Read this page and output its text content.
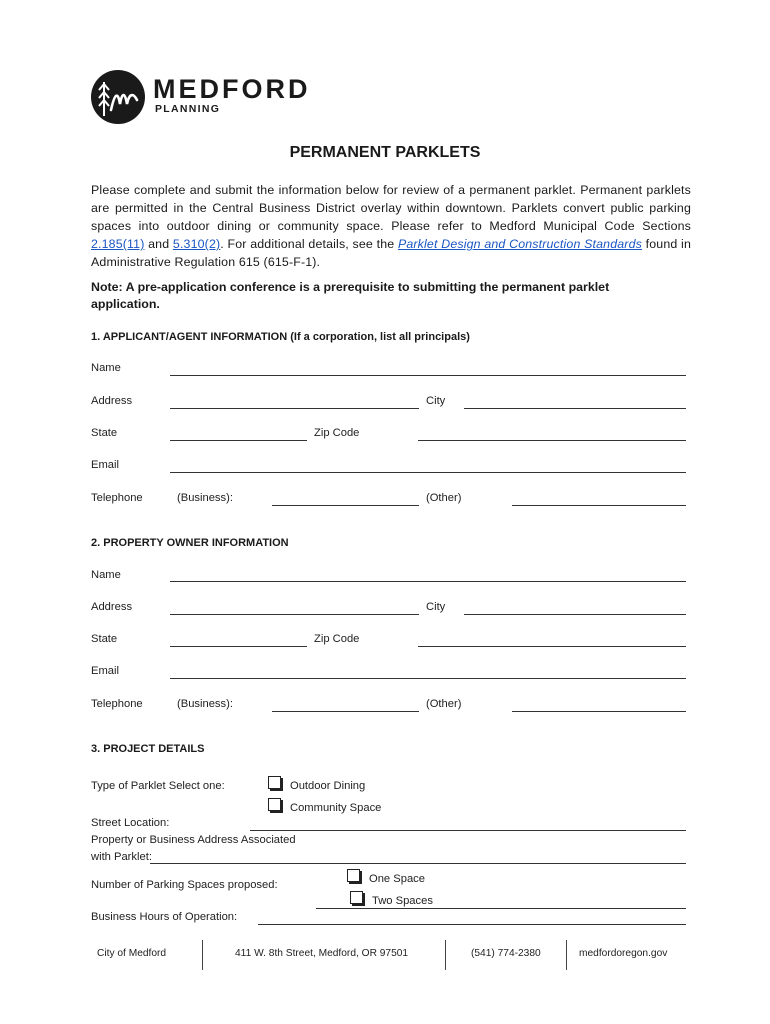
MEDFORD
PLANNING
PERMANENT PARKLETS
Please complete and submit the information below for review of a permanent parklet. Permanent parklets are permitted in the Central Business District overlay within downtown. Parklets convert public parking spaces into outdoor dining or community space. Please refer to Medford Municipal Code Sections 2.185(11) and 5.310(2). For additional details, see the Parklet Design and Construction Standards found in Administrative Regulation 615 (615-F-1).
Note: A pre-application conference is a prerequisite to submitting the permanent parklet application.
1. APPLICANT/AGENT INFORMATION (If a corporation, list all principals)
Name
Address	City
State	Zip Code
Email
Telephone	(Business):	(Other)
2. PROPERTY OWNER INFORMATION
Name
Address	City
State	Zip Code
Email
Telephone	(Business):	(Other)
3. PROJECT DETAILS
Type of Parklet Select one:	Outdoor Dining
Community Space
Street Location:
Property or Business Address Associated
with Parklet:
Number of Parking Spaces proposed:	One Space
Two Spaces
Business Hours of Operation:
City of Medford	411 W. 8th Street, Medford, OR 97501	(541) 774-2380	medfordoregon.gov
